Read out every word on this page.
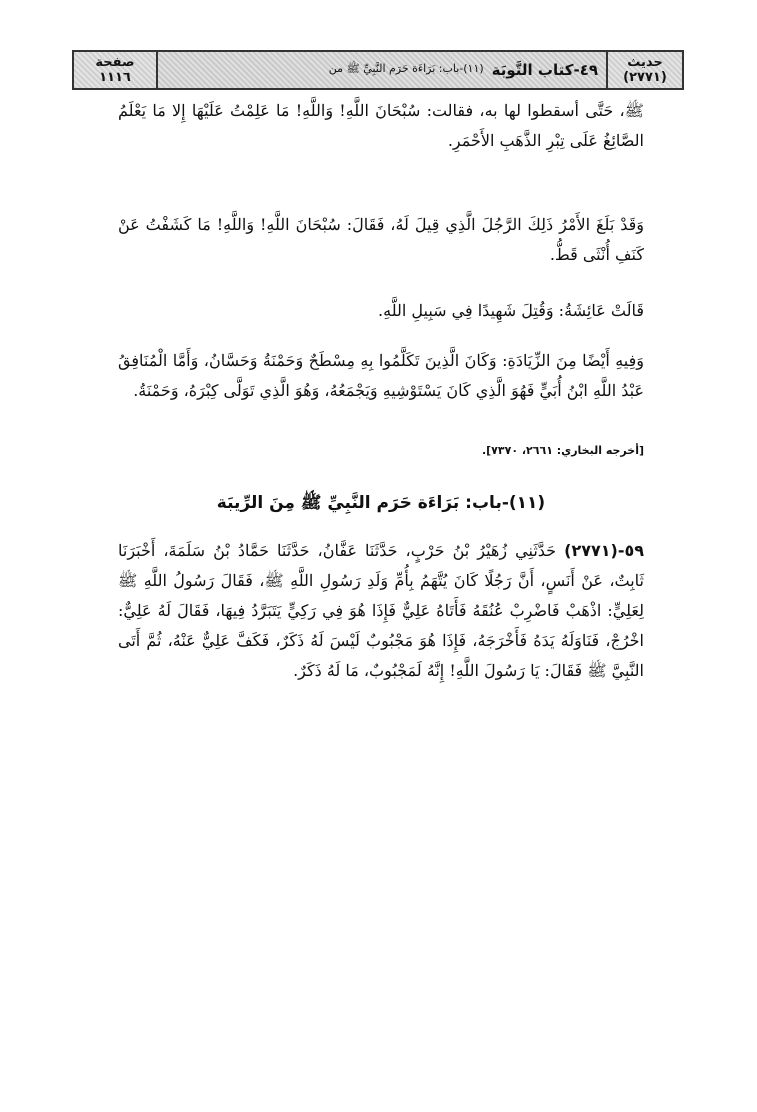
حديث
(٢٧٧١)
٤٩-كتاب التَّوبَة
(١١)-باب: بَرَاءَة حَرَم النَّبِيِّ ﷺ من
صفحة
١١١٦

ﷺ، حَتَّى أسقطوا لها به، فقالت: سُبْحَانَ اللَّهِ! وَاللَّهِ! مَا عَلِمْتُ عَلَيْهَا إِلا مَا يَعْلَمُ الصَّائِغُ عَلَى تِبْرِ الذَّهَبِ الأَحْمَرِ.

وَقَدْ بَلَغَ الأَمْرُ ذَلِكَ الرَّجُلَ الَّذِي قِيلَ لَهُ، فَقَالَ: سُبْحَانَ اللَّهِ! وَاللَّهِ! مَا كَشَفْتُ عَنْ كَنَفِ أُنْثَى قَطُّ.

قَالَتْ عَائِشَةُ: وَقُتِلَ شَهِيدًا فِي سَبِيلِ اللَّهِ.

وَفِيهِ أَيْضًا مِنَ الزِّيَادَةِ: وَكَانَ الَّذِينَ تَكَلَّمُوا بِهِ مِسْطَحٌ وَحَمْنَةُ وَحَسَّانُ، وَأَمَّا الْمُنَافِقُ عَبْدُ اللَّهِ ابْنُ أُبَيٍّ فَهُوَ الَّذِي كَانَ يَسْتَوْشِيهِ وَيَجْمَعُهُ، وَهُوَ الَّذِي تَوَلَّى كِبْرَهُ، وَحَمْنَةُ.

[أخرجه البخاري: ٢٦٦١، ٧٣٧٠].
(١١)-باب: بَرَاءَة حَرَم النَّبِيِّ ﷺ مِنَ الرِّيبَة

٥٩-(٢٧٧١) حَدَّثَنِي زُهَيْرُ بْنُ حَرْبٍ، حَدَّثَنَا عَفَّانُ، حَدَّثَنَا حَمَّادُ بْنُ سَلَمَةَ، أَخْبَرَنَا ثَابِتٌ، عَنْ أَنَسٍ، أَنَّ رَجُلًا كَانَ يُتَّهَمُ بِأُمِّ وَلَدِ رَسُولِ اللَّهِ ﷺ، فَقَالَ رَسُولُ اللَّهِ ﷺ لِعَلِيٍّ: اذْهَبْ فَاضْرِبْ عُنُقَهُ فَأَتَاهُ عَلِيٌّ فَإِذَا هُوَ فِي رَكِيٍّ يَتَبَرَّدُ فِيهَا، فَقَالَ لَهُ عَلِيٌّ: اخْرُجْ، فَنَاوَلَهُ يَدَهُ فَأَخْرَجَهُ، فَإِذَا هُوَ مَجْبُوبٌ لَيْسَ لَهُ ذَكَرٌ، فَكَفَّ عَلِيٌّ عَنْهُ، ثُمَّ أَتَى النَّبِيَّ ﷺ فَقَالَ: يَا رَسُولَ اللَّهِ! إِنَّهُ لَمَجْبُوبٌ، مَا لَهُ ذَكَرٌ.
